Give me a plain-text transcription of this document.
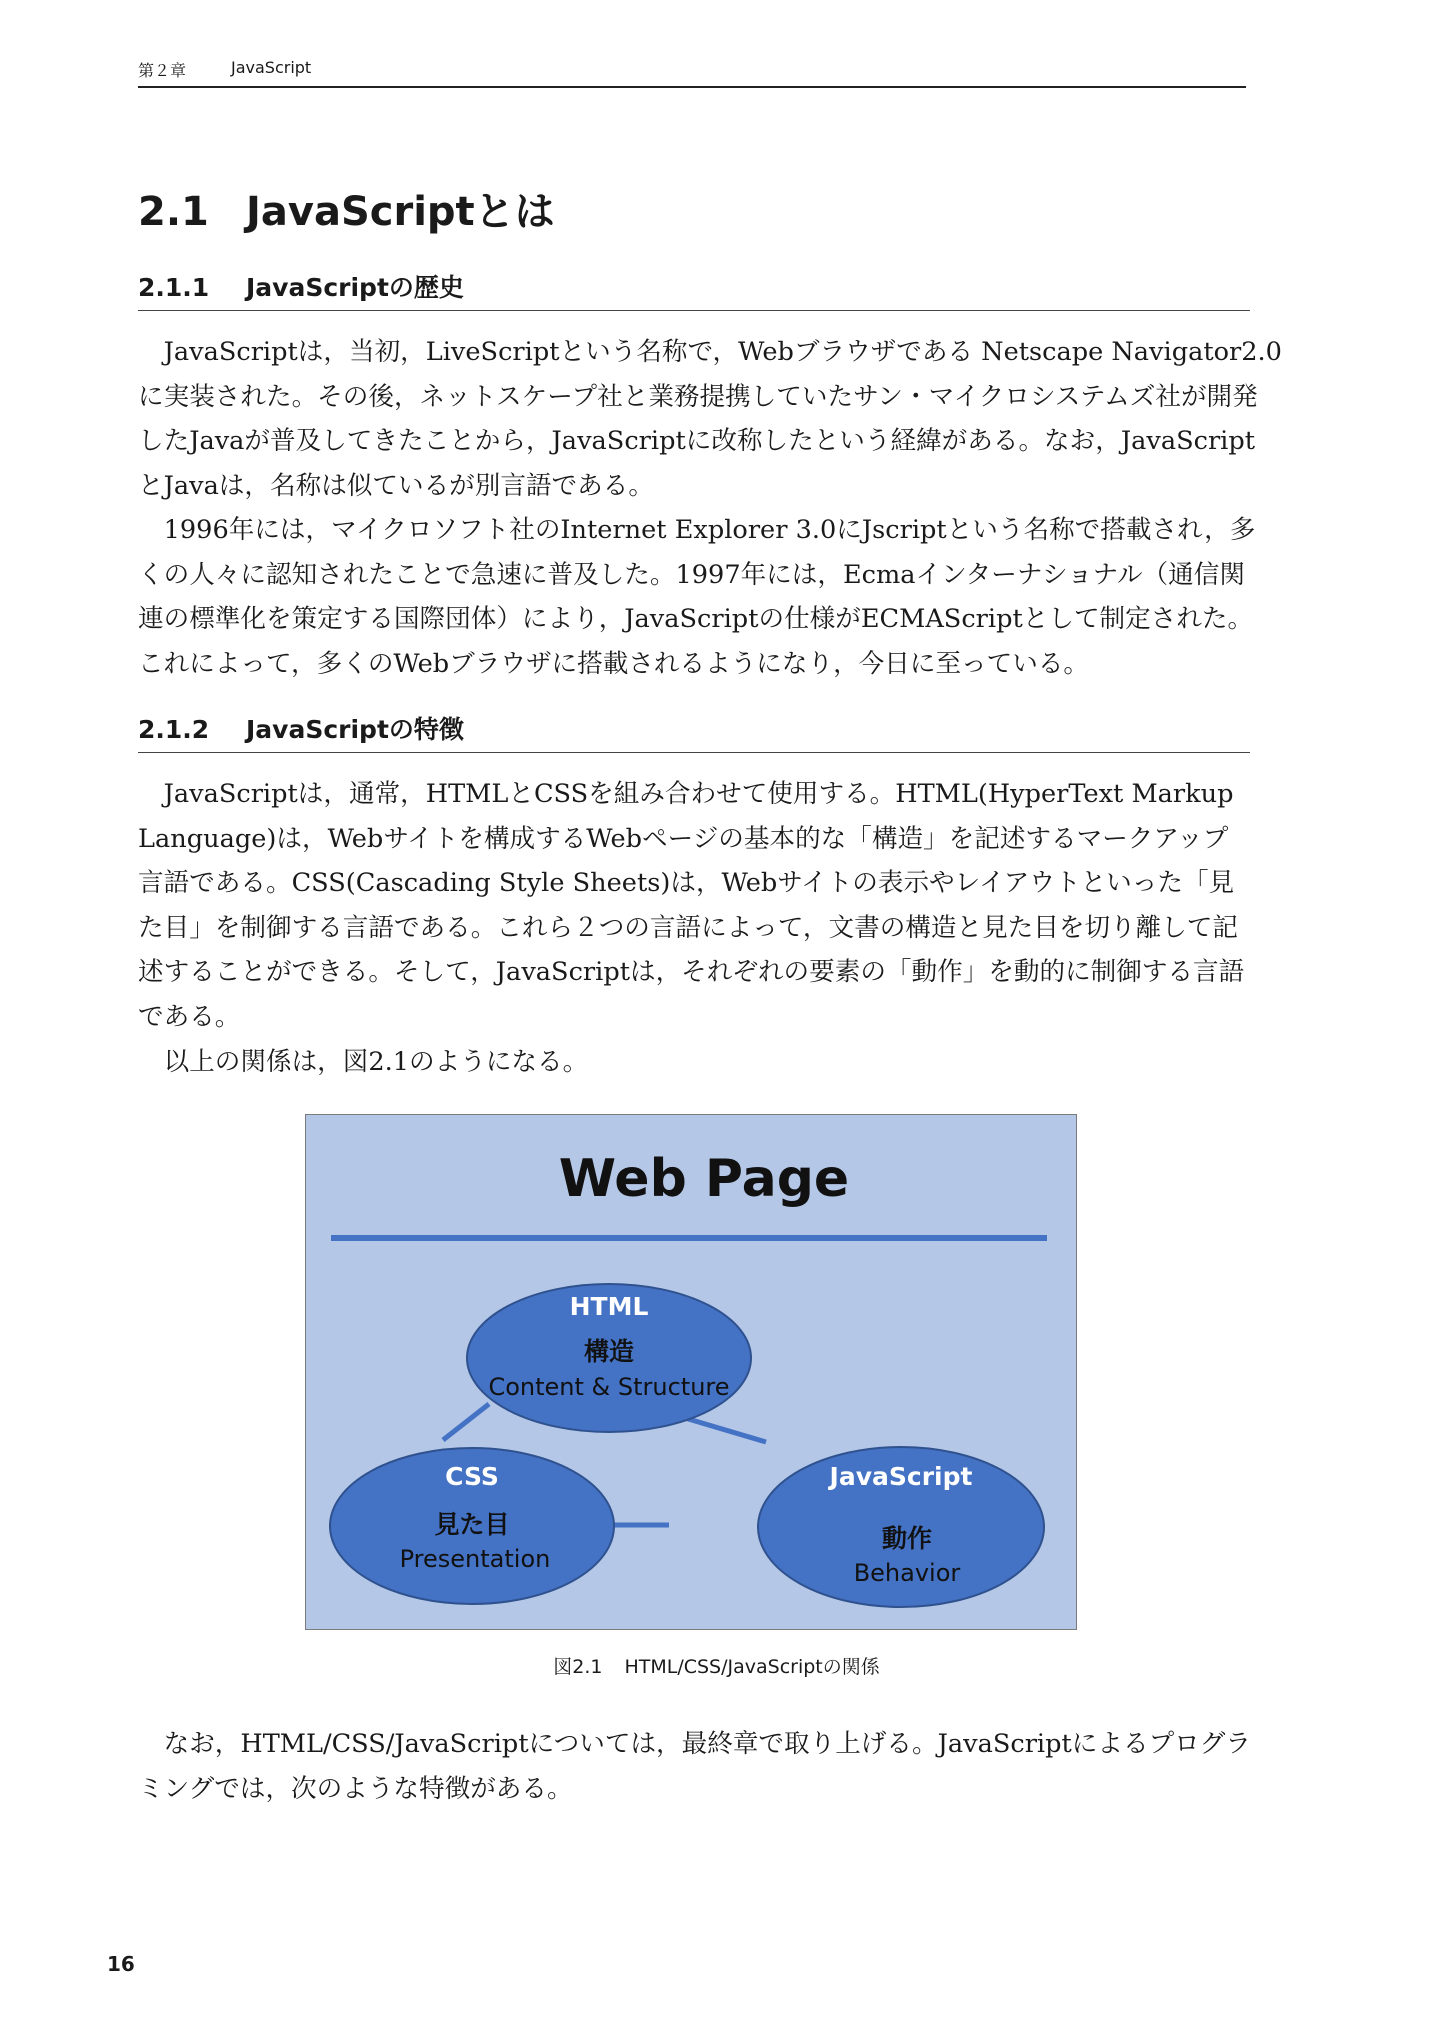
第２章	JavaScript
2.1 JavaScriptとは
2.1.1 JavaScriptの歴史
　JavaScriptは，当初，LiveScriptという名称で，Webブラウザである Netscape Navigator2.0
に実装された。その後，ネットスケープ社と業務提携していたサン・マイクロシステムズ社が開発
したJavaが普及してきたことから，JavaScriptに改称したという経緯がある。なお，JavaScript
とJavaは，名称は似ているが別言語である。
　1996年には，マイクロソフト社のInternet Explorer 3.0にJscriptという名称で搭載され，多
くの人々に認知されたことで急速に普及した。1997年には，Ecmaインターナショナル（通信関
連の標準化を策定する国際団体）により，JavaScriptの仕様がECMAScriptとして制定された。
これによって，多くのWebブラウザに搭載されるようになり，今日に至っている。
2.1.2 JavaScriptの特徴
　JavaScriptは，通常，HTMLとCSSを組み合わせて使用する。HTML(HyperText Markup
Language)は，Webサイトを構成するWebページの基本的な「構造」を記述するマークアップ
言語である。CSS(Cascading Style Sheets)は，Webサイトの表示やレイアウトといった「見
た目」を制御する言語である。これら２つの言語によって，文書の構造と見た目を切り離して記
述することができる。そして，JavaScriptは，それぞれの要素の「動作」を動的に制御する言語
である。
　以上の関係は，図2.1のようになる。
Web Page
HTML
構造
Content & Structure
CSS
見た目
Presentation
JavaScript
動作
Behavior
図2.1 HTML/CSS/JavaScriptの関係
　なお，HTML/CSS/JavaScriptについては，最終章で取り上げる。JavaScriptによるプログラ
ミングでは，次のような特徴がある。
16
